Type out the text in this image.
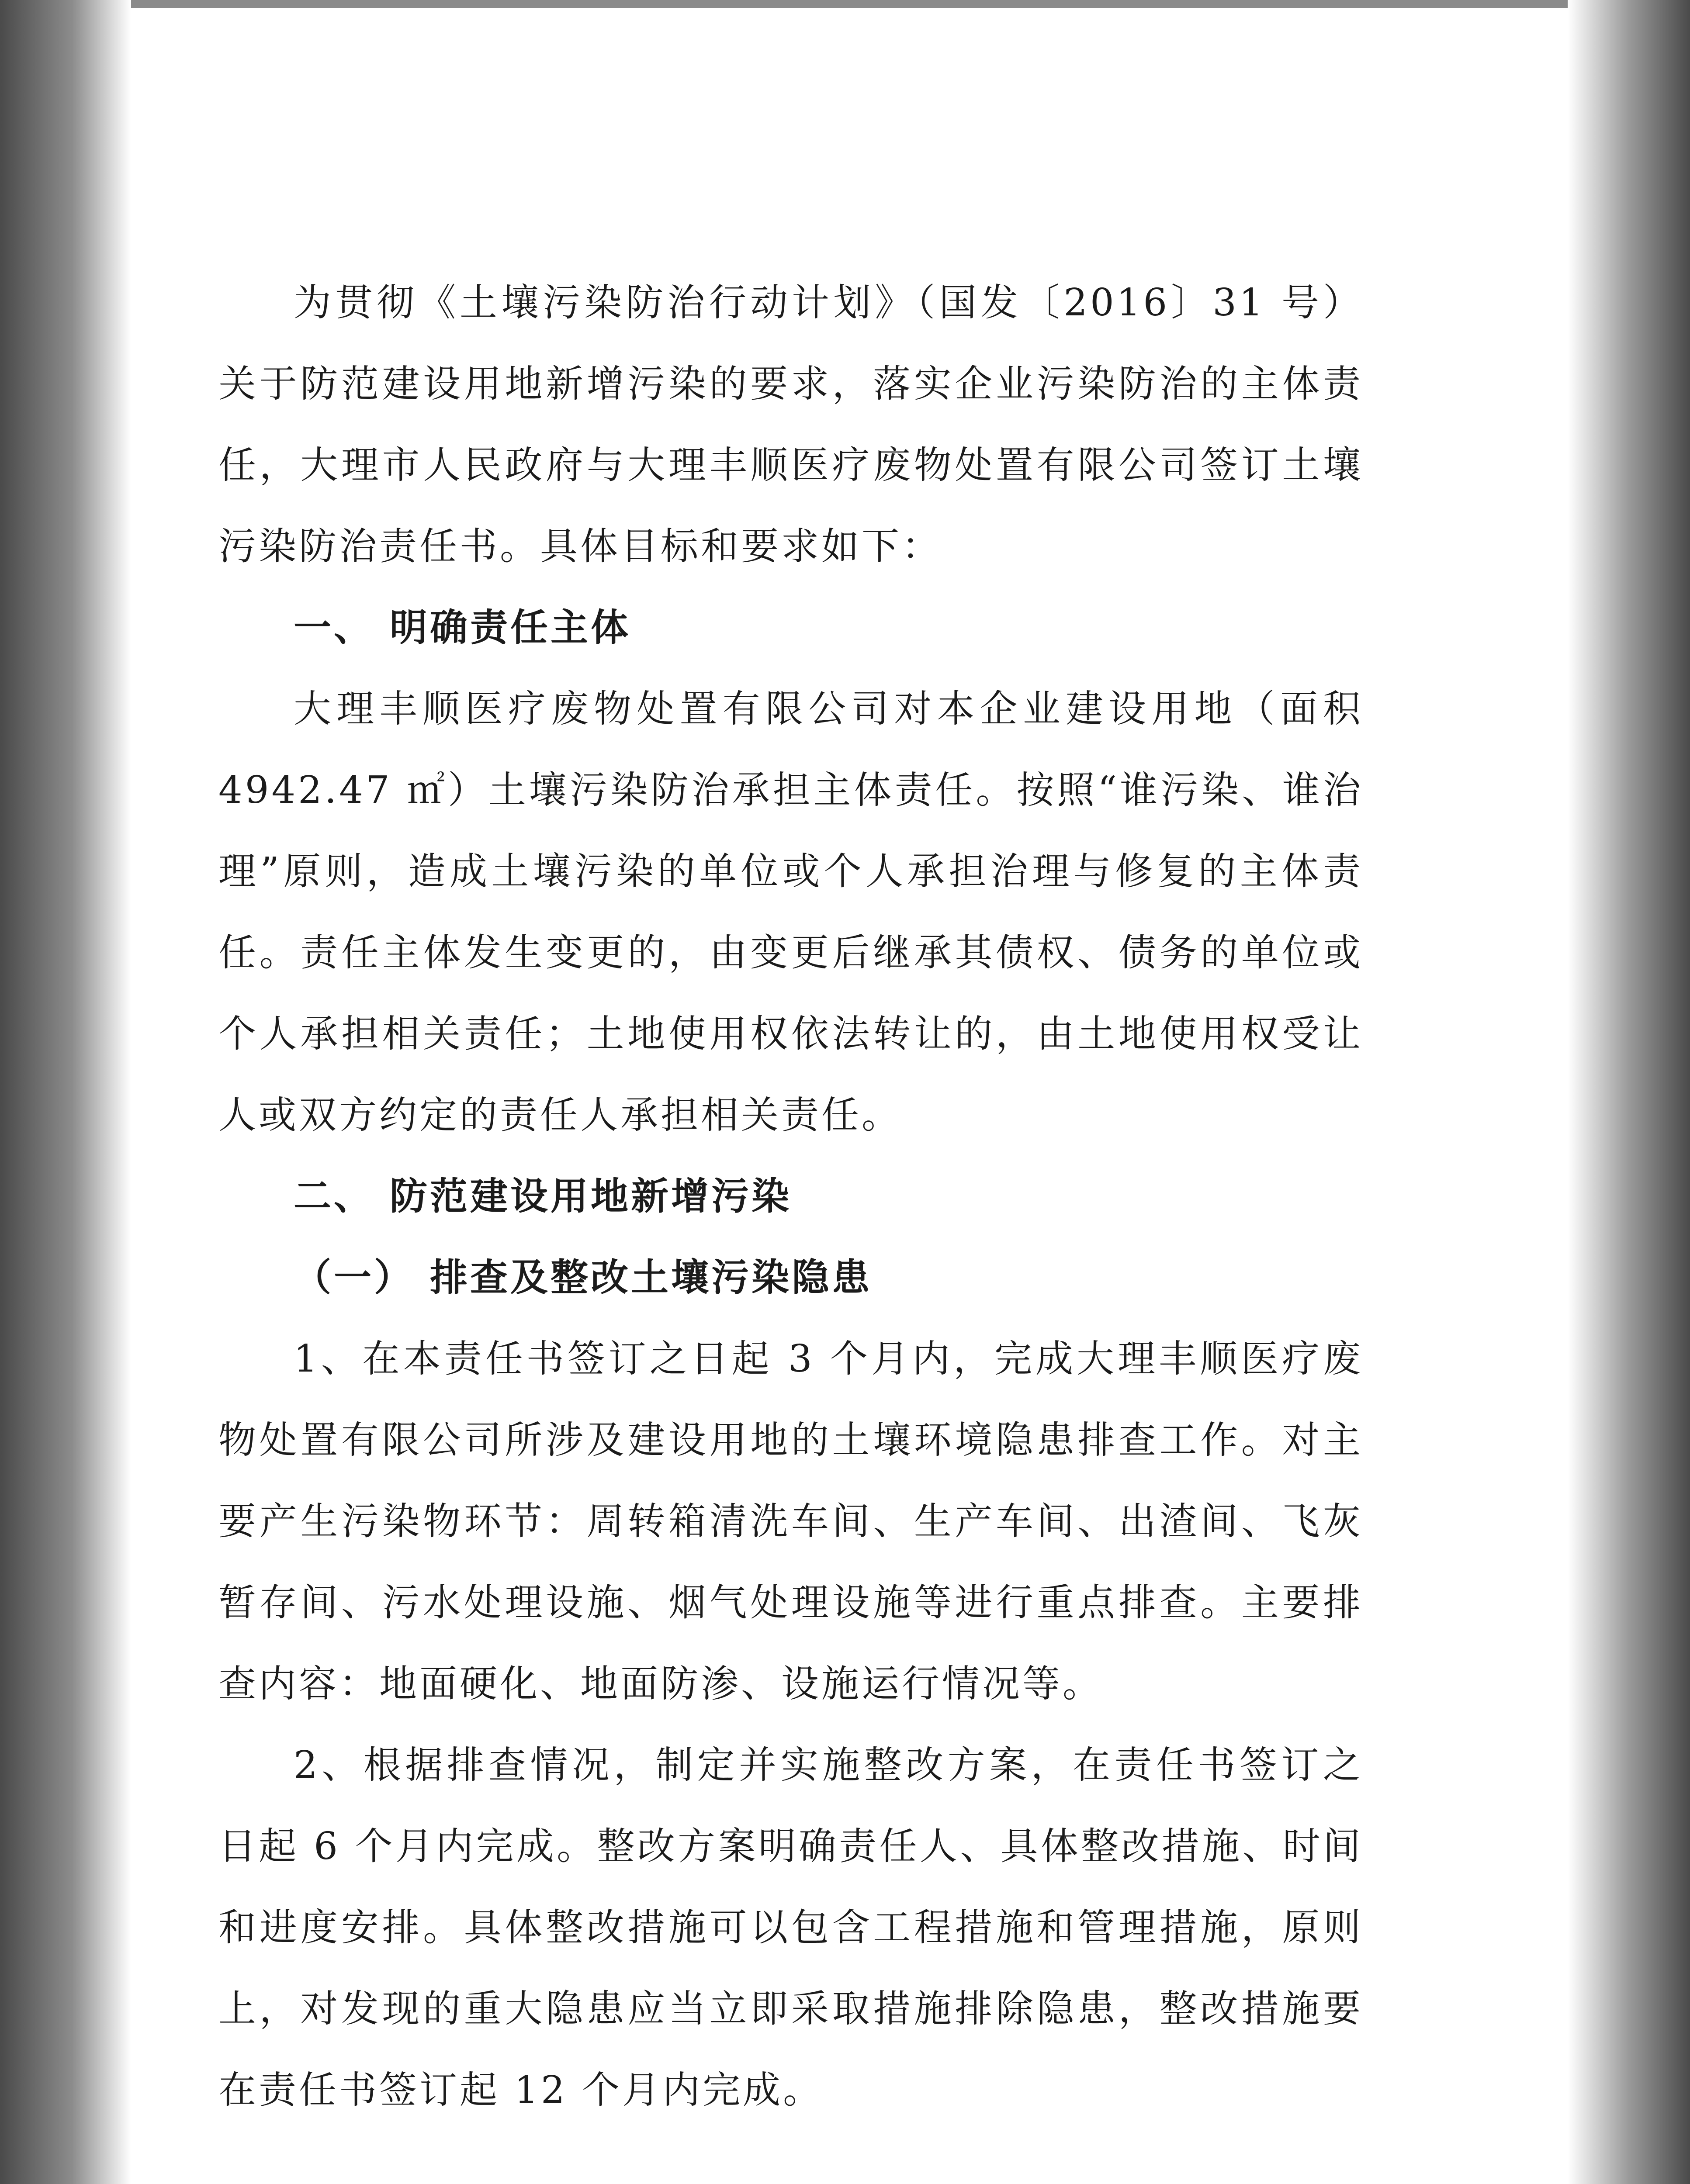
为贯彻《土壤污染防治行动计划》（国发〔2016〕31 号）关于防范建设用地新增污染的要求，落实企业污染防治的主体责任，大理市人民政府与大理丰顺医疗废物处置有限公司签订土壤污染防治责任书。具体目标和要求如下：

一、 明确责任主体

大理丰顺医疗废物处置有限公司对本企业建设用地（面积 4942.47 ㎡）土壤污染防治承担主体责任。按照“谁污染、谁治理”原则，造成土壤污染的单位或个人承担治理与修复的主体责任。责任主体发生变更的，由变更后继承其债权、债务的单位或个人承担相关责任；土地使用权依法转让的，由土地使用权受让人或双方约定的责任人承担相关责任。

二、 防范建设用地新增污染

（一） 排查及整改土壤污染隐患

1、在本责任书签订之日起 3 个月内，完成大理丰顺医疗废物处置有限公司所涉及建设用地的土壤环境隐患排查工作。对主要产生污染物环节：周转箱清洗车间、生产车间、出渣间、飞灰暂存间、污水处理设施、烟气处理设施等进行重点排查。主要排查内容：地面硬化、地面防渗、设施运行情况等。

2、根据排查情况，制定并实施整改方案，在责任书签订之日起 6 个月内完成。整改方案明确责任人、具体整改措施、时间和进度安排。具体整改措施可以包含工程措施和管理措施，原则上，对发现的重大隐患应当立即采取措施排除隐患，整改措施要在责任书签订起 12 个月内完成。
